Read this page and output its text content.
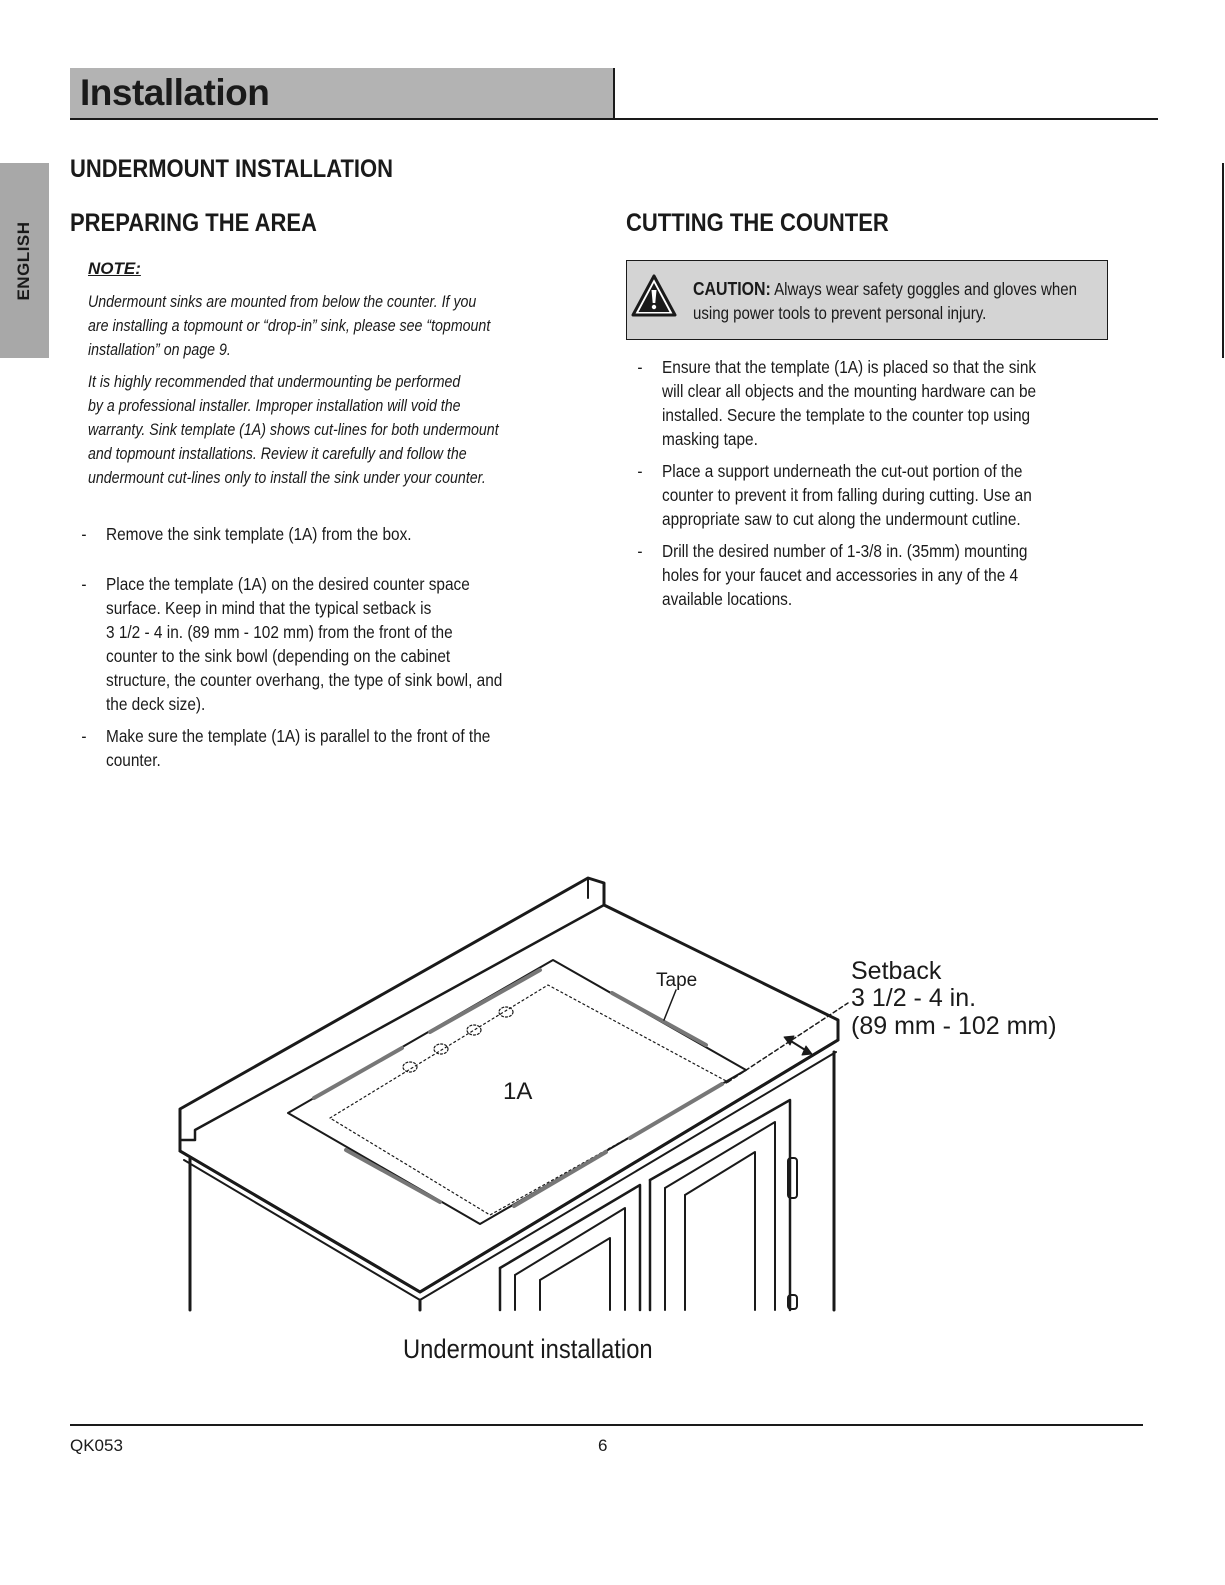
Installation
ENGLISH
UNDERMOUNT INSTALLATION
PREPARING THE AREA
NOTE:
Undermount sinks are mounted from below the counter. If you
are installing a topmount or “drop-in” sink, please see “topmount
installation” on page 9.
It is highly recommended that undermounting be performed
by a professional installer. Improper installation will void the
warranty. Sink template (1A) shows cut-lines for both undermount
and topmount installations. Review it carefully and follow the
undermount cut-lines only to install the sink under your counter.
- Remove the sink template (1A) from the box.
- Place the template (1A) on the desired counter space
surface. Keep in mind that the typical setback is
3 1/2 - 4 in. (89 mm - 102 mm) from the front of the
counter to the sink bowl (depending on the cabinet
structure, the counter overhang, the type of sink bowl, and
the deck size).
- Make sure the template (1A) is parallel to the front of the
counter.
CUTTING THE COUNTER
CAUTION: Always wear safety goggles and gloves when
using power tools to prevent personal injury.
- Ensure that the template (1A) is placed so that the sink
will clear all objects and the mounting hardware can be
installed. Secure the template to the counter top using
masking tape.
- Place a support underneath the cut-out portion of the
counter to prevent it from falling during cutting. Use an
appropriate saw to cut along the undermount cutline.
- Drill the desired number of 1-3/8 in. (35mm) mounting
holes for your faucet and accessories in any of the 4
available locations.
1A
Tape	Setback
3 1/2 - 4 in.
(89 mm - 102 mm)
Undermount installation
QK053	6
